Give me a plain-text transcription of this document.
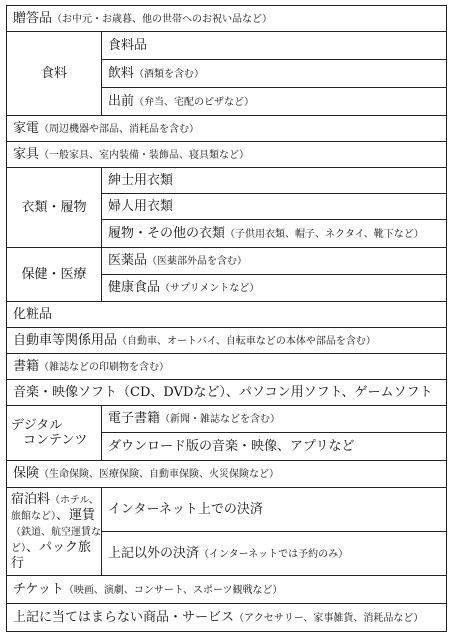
贈答品（お中元・お歳暮、他の世帯へのお祝い品など）	
食料	食料品
	飲料（酒類を含む）
	出前（弁当、宅配のピザなど）
家電（周辺機器や部品、消耗品を含む）	
家具（一般家具、室内装備・装飾品、寝具類など）	
衣類・履物	紳士用衣類
	婦人用衣類
	履物・その他の衣類（子供用衣類、帽子、ネクタイ、靴下など）
保健・医療	医薬品（医薬部外品を含む）
	健康食品（サプリメントなど）
化粧品	
自動車等関係用品（自動車、オートバイ、自転車などの本体や部品を含む）	
書籍（雑誌などの印刷物を含む）	
音楽・映像ソフト（CD、DVDなど）、パソコン用ソフト、ゲームソフト	

デジタル
コンテンツ	電子書籍（新聞・雑誌などを含む）
	ダウンロード版の音楽・映像、アプリなど
保険（生命保険、医療保険、自動車保険、火災保険など）	
宿泊料（ホテル、旅館など）、運賃（鉄道、航空運賃など）、パック旅行	インターネット上での決済
	上記以外の決済（インターネットでは予約のみ）
チケット（映画、演劇、コンサート、スポーツ観戦など）	
上記に当てはまらない商品・サービス（アクセサリー、家事雑貨、消耗品など）	
